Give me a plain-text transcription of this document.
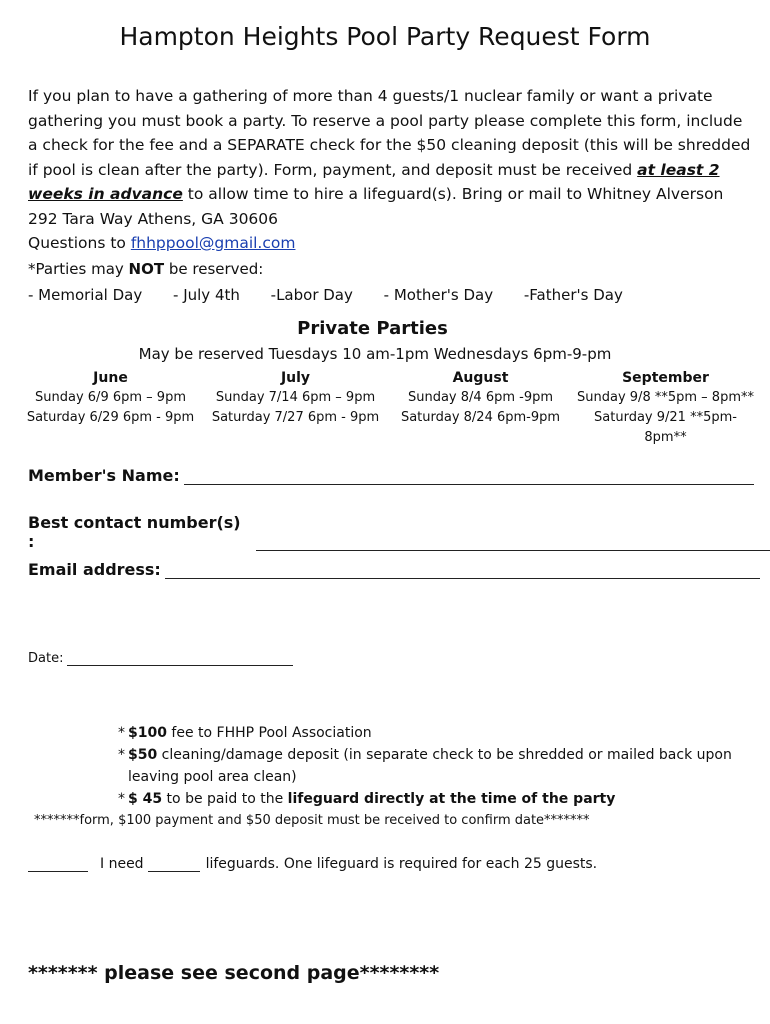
Hampton Heights Pool Party Request Form
If you plan to have a gathering of more than 4 guests/1 nuclear family or want a private gathering you must book a party. To reserve a pool party please complete this form, include a check for the fee and a SEPARATE check for the $50 cleaning deposit (this will be shredded if pool is clean after the party). Form, payment, and deposit must be received at least 2 weeks in advance to allow time to hire a lifeguard(s). Bring or mail to Whitney Alverson 292 Tara Way Athens, GA 30606
Questions to fhhppool@gmail.com
*Parties may NOT be reserved:
- Memorial Day - July 4th -Labor Day - Mother's Day -Father's Day
Private Parties
May be reserved Tuesdays 10 am-1pm Wednesdays 6pm-9-pm
June
Sunday 6/9 6pm – 9pm
Saturday 6/29 6pm - 9pm
July
Sunday 7/14 6pm – 9pm
Saturday 7/27 6pm - 9pm
August
Sunday 8/4 6pm -9pm
Saturday 8/24 6pm-9pm
September
Sunday 9/8 **5pm – 8pm**
Saturday 9/21 **5pm-8pm**
Member's Name:
Best contact number(s) :
Email address:
Date:
* $100 fee to FHHP Pool Association
* $50 cleaning/damage deposit (in separate check to be shredded or mailed back upon leaving pool area clean)
* $ 45 to be paid to the lifeguard directly at the time of the party
*******form, $100 payment and $50 deposit must be received to confirm date*******
I need	lifeguards. One lifeguard is required for each 25 guests.
******* please see second page********
